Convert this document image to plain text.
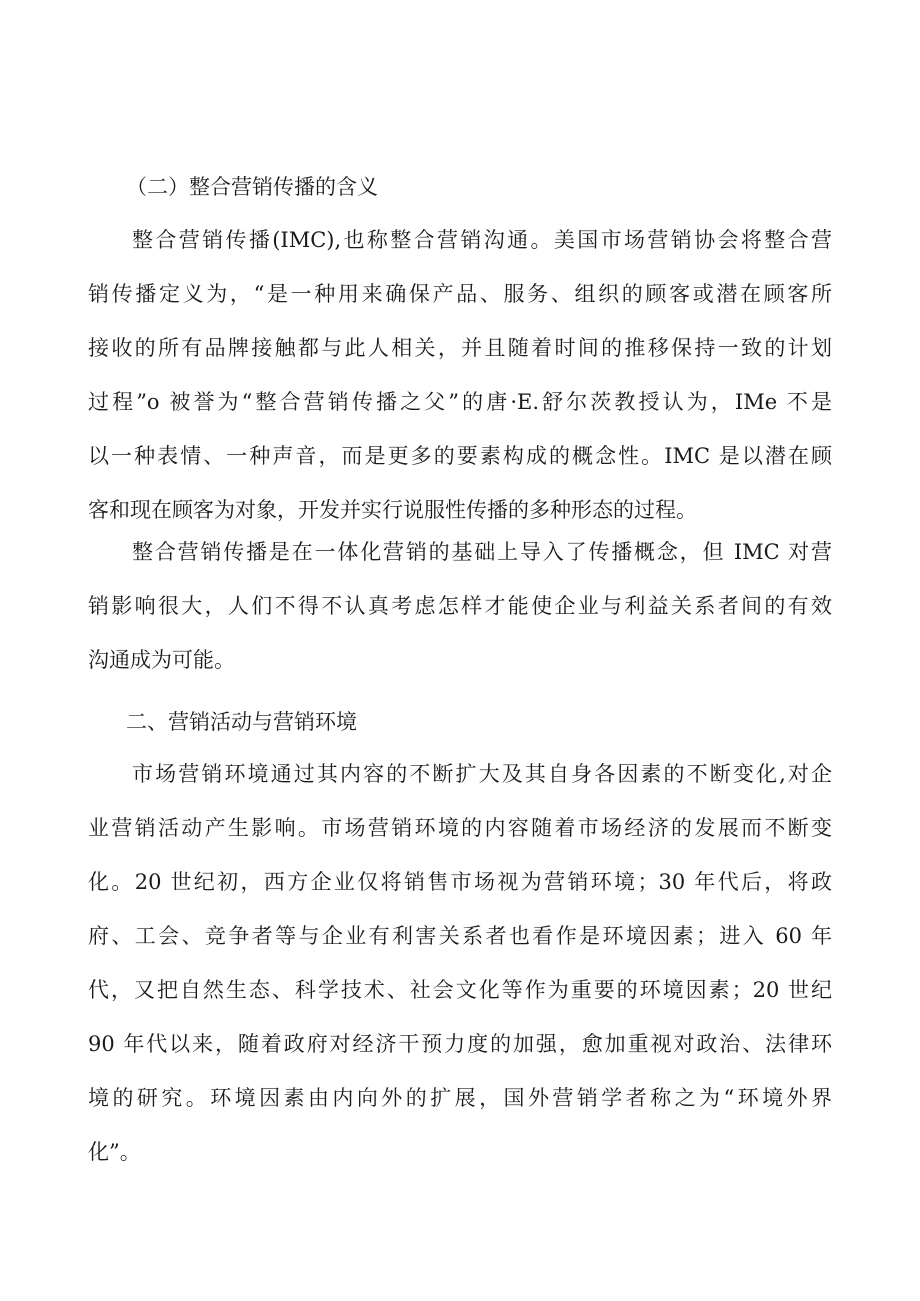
（二）整合营销传播的含义
整合营销传播(IMC),也称整合营销沟通。美国市场营销协会将整合营
销传播定义为，“是一种用来确保产品、服务、组织的顾客或潜在顾客所
接收的所有品牌接触都与此人相关，并且随着时间的推移保持一致的计划
过程”o 被誉为“整合营销传播之父”的唐·E.舒尔茨教授认为，IMe 不是
以一种表情、一种声音，而是更多的要素构成的概念性。IMC 是以潜在顾
客和现在顾客为对象，开发并实行说服性传播的多种形态的过程。
整合营销传播是在一体化营销的基础上导入了传播概念，但 IMC 对营
销影响很大，人们不得不认真考虑怎样才能使企业与利益关系者间的有效
沟通成为可能。
二、营销活动与营销环境
市场营销环境通过其内容的不断扩大及其自身各因素的不断变化,对企
业营销活动产生影响。市场营销环境的内容随着市场经济的发展而不断变
化。20 世纪初，西方企业仅将销售市场视为营销环境；30 年代后，将政
府、工会、竞争者等与企业有利害关系者也看作是环境因素；进入 60 年
代，又把自然生态、科学技术、社会文化等作为重要的环境因素；20 世纪
90 年代以来，随着政府对经济干预力度的加强，愈加重视对政治、法律环
境的研究。环境因素由内向外的扩展，国外营销学者称之为“环境外界
化”。
